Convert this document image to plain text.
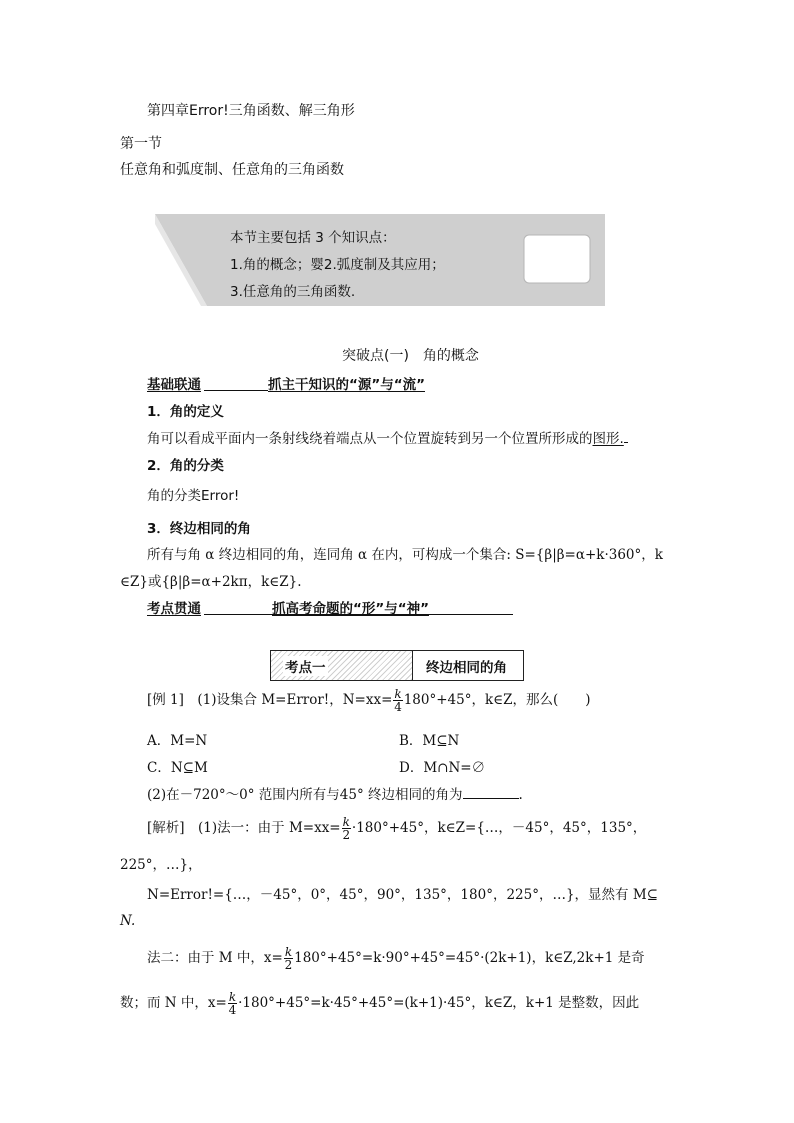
第四章Error!三角函数、解三角形
第一节
任意角和弧度制、任意角的三角函数
本节主要包括 3 个知识点：
1.角的概念；婴2.弧度制及其应用；
3.任意角的三角函数.
突破点(一)　角的概念
基础联通	抓主干知识的“源”与“流”
1．角的定义
角可以看成平面内一条射线绕着端点从一个位置旋转到另一个位置所形成的图形.
2．角的分类
角的分类Error!
3．终边相同的角
所有与角 α 终边相同的角，连同角 α 在内，可构成一个集合: S={β|β=α+k·360°，k
∈Z}或{β|β=α+2kπ，k∈Z}.
考点贯通	抓高考命题的“形”与“神”
考点一	终边相同的角
[例 1]　(1)设集合 M=Error!，$N=xx= \frac{k}{4} 180^\circ+45^\circ$，k∈Z，那么(　　)
A．M=N	B．M⊆N
C．N⊆M	D．M∩N=∅
(2)在－720°～0° 范围内所有与45° 终边相同的角为	.
[解析]　(1)法一：由于 $M=xx= \frac{k}{2} \cdot 180^\circ+45^\circ$，k∈Z={…，－45°，45°，135°，
225°，…}，
N=Error!={…，－45°，0°，45°，90°，135°，180°，225°，…}，显然有 M⊆
N.
法二：由于 M 中，$x= \frac{k}{2} 180^\circ+45^\circ=k\cdot 90^\circ+45^\circ=45^\circ\cdot(2k+1)$，k∈Z,2k+1 是奇
数；而 N 中，$x= \frac{k}{4} \cdot 180^\circ+45^\circ=k\cdot 45^\circ+45^\circ=(k+1)\cdot 45^\circ$，k∈Z，k+1 是整数，因此
